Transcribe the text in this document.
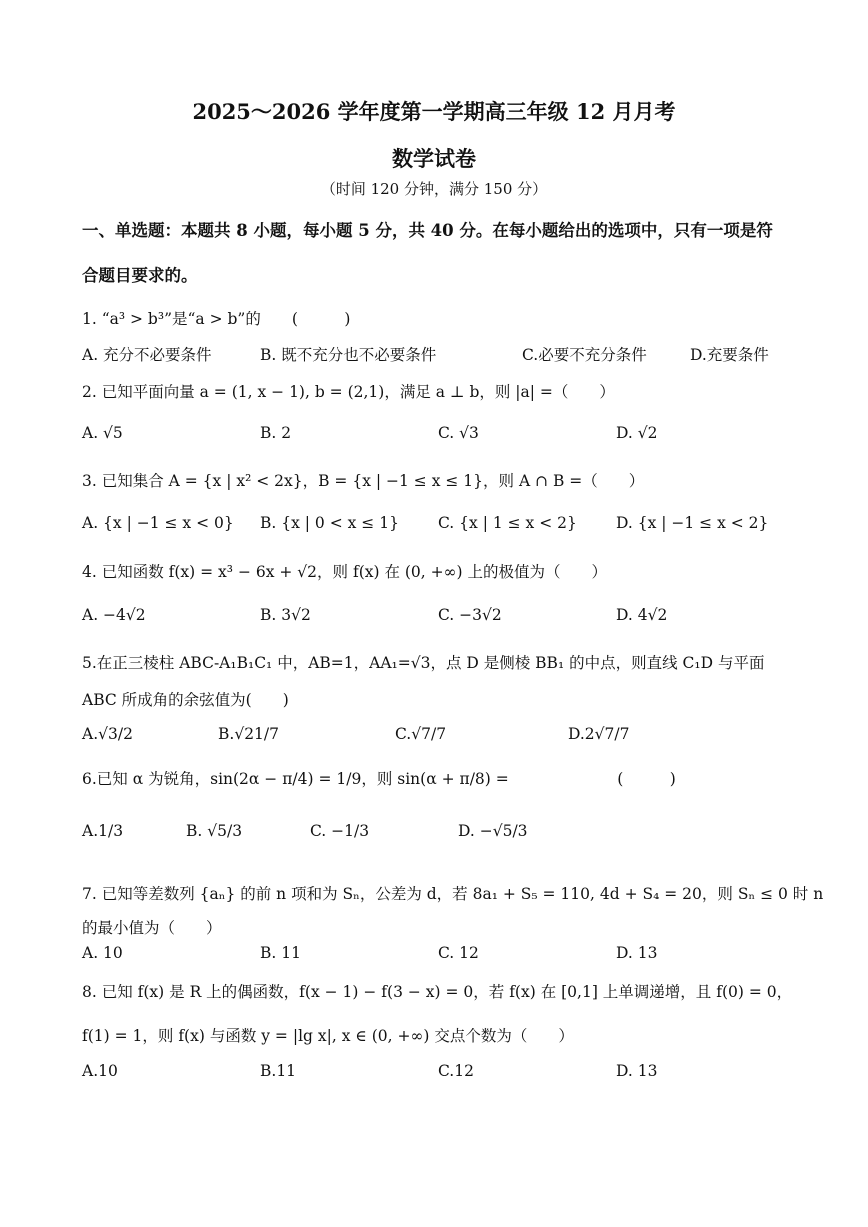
2025～2026 学年度第一学期高三年级 12 月月考
数学试卷
（时间 120 分钟，满分 150 分）
一、单选题：本题共 8 小题，每小题 5 分，共 40 分。在每小题给出的选项中，只有一项是符
合题目要求的。
1. “a³ > b³”是“a > b”的　　(　　　)
A. 充分不必要条件	B. 既不充分也不必要条件	C.必要不充分条件	D.充要条件
2. 已知平面向量 a = (1, x − 1), b = (2,1)，满足 a ⊥ b，则 |a| =（　　）
A. √5	B. 2	C. √3	D. √2
3. 已知集合 A = {x | x² < 2x}，B = {x | −1 ≤ x ≤ 1}，则 A ∩ B =（　　）
A. {x | −1 ≤ x < 0} B. {x | 0 < x ≤ 1}	C. {x | 1 ≤ x < 2}	D. {x | −1 ≤ x < 2}
4. 已知函数 f(x) = x³ − 6x + √2，则 f(x) 在 (0, +∞) 上的极值为（　　）
A. −4√2	B. 3√2	C. −3√2	D. 4√2
5.在正三棱柱 ABC-A₁B₁C₁ 中，AB=1，AA₁=√3，点 D 是侧棱 BB₁ 的中点，则直线 C₁D 与平面
ABC 所成角的余弦值为(　　)
A.√3/2	B.√21/7	C.√7/7	D.2√7/7
6.已知 α 为锐角，sin(2α − π/4) = 1/9，则 sin(α + π/8) =　　　　　　　(　　　)
A.1/3	B. √5/3	C. −1/3	D. −√5/3
7. 已知等差数列 {aₙ} 的前 n 项和为 Sₙ，公差为 d，若 8a₁ + S₅ = 110, 4d + S₄ = 20，则 Sₙ ≤ 0 时 n
的最小值为（　　）
A. 10	B. 11	C. 12	D. 13
8. 已知 f(x) 是 R 上的偶函数，f(x − 1) − f(3 − x) = 0，若 f(x) 在 [0,1] 上单调递增，且 f(0) = 0，
f(1) = 1，则 f(x) 与函数 y = |lg x|, x ∈ (0, +∞) 交点个数为（　　）
A.10	B.11	C.12	D. 13
